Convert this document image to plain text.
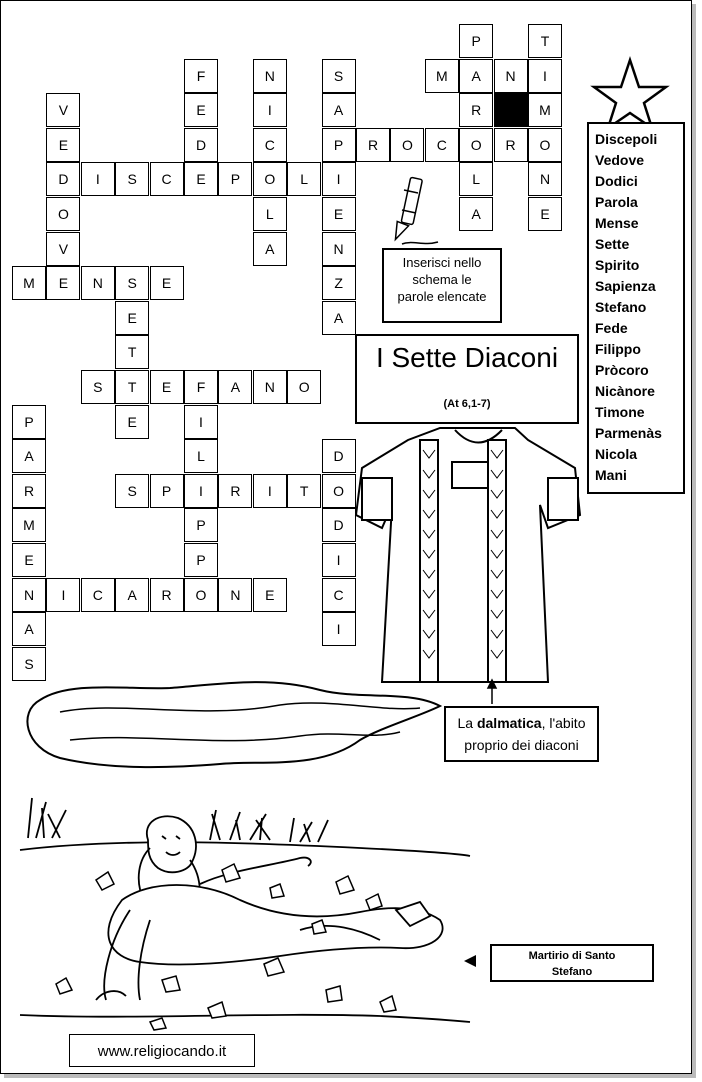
P
A
R
O
L
A
T
I
M
O
N
E
F
E
D
E
N
I
C
O
L
A
S
A
P
I
E
N
Z
A
M	N
V
E
D
O
V
E
R	O	C	R
I	S	C	P	L
M	N	S	E
E
T
T
E
S	E	F	A	N	O
I
L
I
P
P
O
P
A
R
M
E
N
A
S
D
O
D
I
C
I
S	P	R	I	T
I	C	A	R	N	E
Inserisci nello
schema le
parole elencate
I Sette Diaconi
(At 6,1-7)
Discepoli
Vedove
Dodici
Parola
Mense
Sette
Spirito
Sapienza
Stefano
Fede
Filippo
Pròcoro
Nicànore
Timone
Parmenàs
Nicola
Mani
La dalmatica, l'abito
proprio dei diaconi
Martirio di Santo
Stefano
www.religiocando.it
